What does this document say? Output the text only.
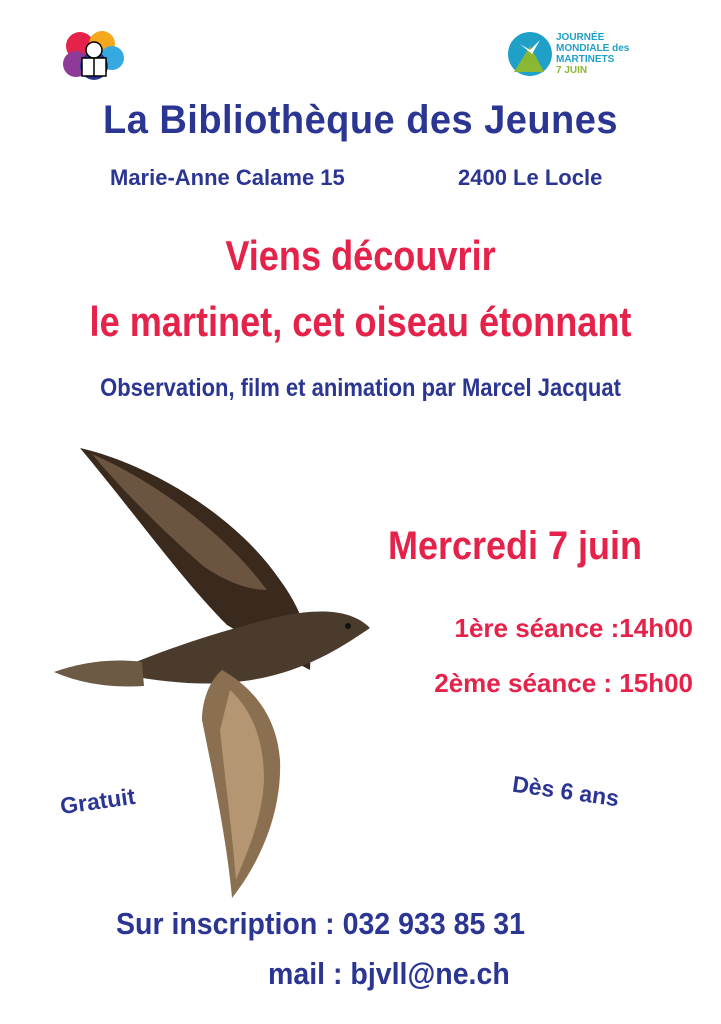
JOURNÉE
MONDIALE des
MARTINETS
7 JUIN
La Bibliothèque des Jeunes
Marie-Anne Calame 15	2400 Le Locle
Viens découvrir
le martinet, cet oiseau étonnant
Observation, film et animation par Marcel Jacquat
Mercredi 7 juin
1ère séance :14h00
2ème séance : 15h00
Gratuit	Dès 6 ans
Sur inscription : 032 933 85 31
mail : bjvll@ne.ch
